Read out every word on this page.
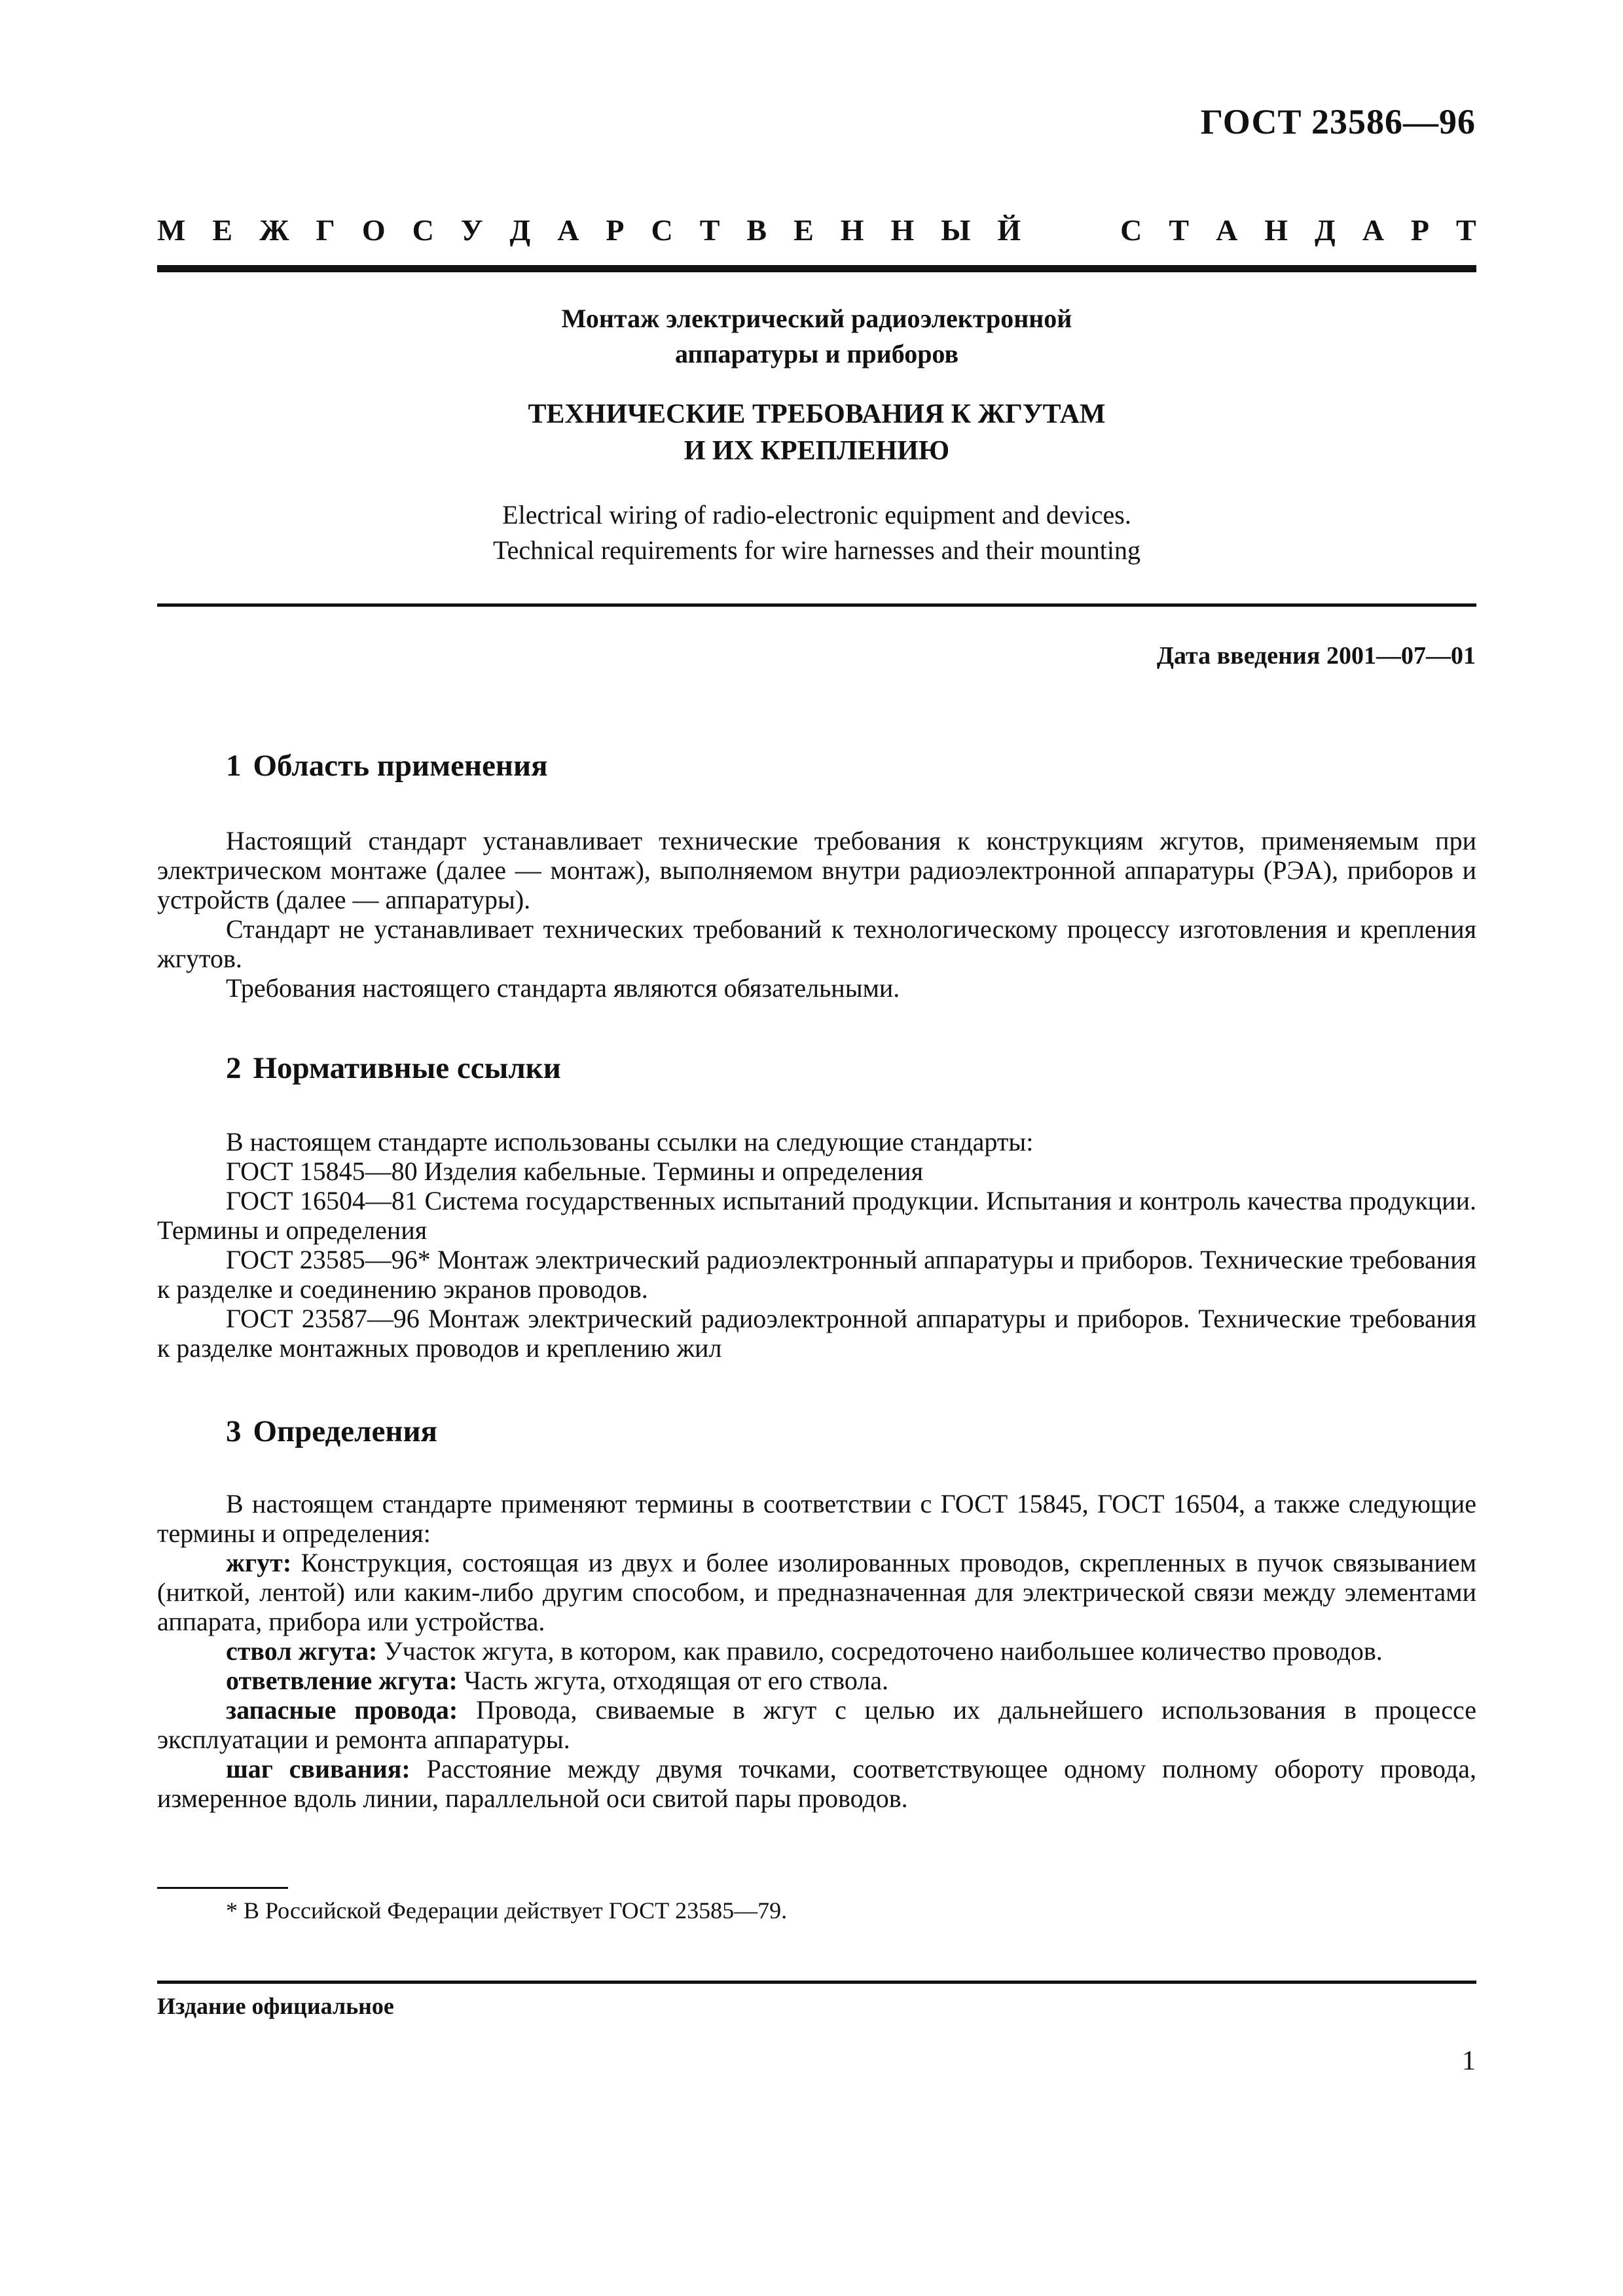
ГОСТ 23586—96
М Е Ж Г О С У Д А Р С Т В Е Н Н Ы Й	С Т А Н Д А Р Т
Монтаж электрический радиоэлектронной
аппаратуры и приборов
ТЕХНИЧЕСКИЕ ТРЕБОВАНИЯ К ЖГУТАМ
И ИХ КРЕПЛЕНИЮ
Electrical wiring of radio-electronic equipment and devices.
Technical requirements for wire harnesses and their mounting
Дата введения 2001—07—01
1 Область применения

Настоящий стандарт устанавливает технические требования к конструкциям жгутов, применяемым при электрическом монтаже (далее — монтаж), выполняемом внутри радиоэлектронной аппаратуры (РЭА), приборов и устройств (далее — аппаратуры).

Стандарт не устанавливает технических требований к технологическому процессу изготовления и крепления жгутов.

Требования настоящего стандарта являются обязательными.

2 Нормативные ссылки

В настоящем стандарте использованы ссылки на следующие стандарты:

ГОСТ 15845—80 Изделия кабельные. Термины и определения

ГОСТ 16504—81 Система государственных испытаний продукции. Испытания и контроль качества продукции. Термины и определения

ГОСТ 23585—96* Монтаж электрический радиоэлектронный аппаратуры и приборов. Технические требования к разделке и соединению экранов проводов.

ГОСТ 23587—96 Монтаж электрический радиоэлектронной аппаратуры и приборов. Технические требования к разделке монтажных проводов и креплению жил

3 Определения

В настоящем стандарте применяют термины в соответствии с ГОСТ 15845, ГОСТ 16504, а также следующие термины и определения:

жгут: Конструкция, состоящая из двух и более изолированных проводов, скрепленных в пучок связыванием (ниткой, лентой) или каким-либо другим способом, и предназначенная для электрической связи между элементами аппарата, прибора или устройства.

ствол жгута: Участок жгута, в котором, как правило, сосредоточено наибольшее количество проводов.

ответвление жгута: Часть жгута, отходящая от его ствола.

запасные провода: Провода, свиваемые в жгут с целью их дальнейшего использования в процессе эксплуатации и ремонта аппаратуры.

шаг свивания: Расстояние между двумя точками, соответствующее одному полному обороту провода, измеренное вдоль линии, параллельной оси свитой пары проводов.

* В Российской Федерации действует ГОСТ 23585—79.
Издание официальное
1
